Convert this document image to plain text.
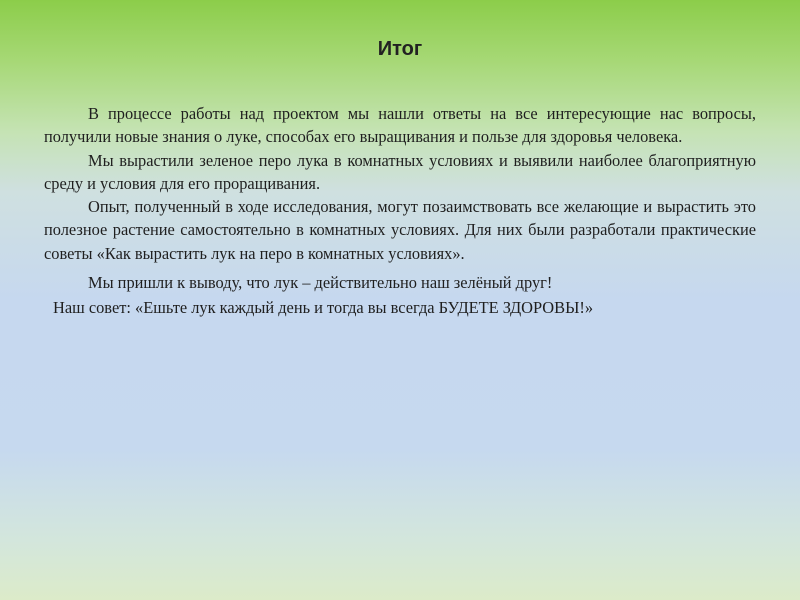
Итог

В процессе работы над проектом мы нашли ответы на все интересующие нас вопросы, получили новые знания о луке, способах его выращивания и пользе для здоровья человека.

Мы вырастили зеленое перо лука в комнатных условиях и выявили наиболее благоприятную среду и условия для его проращивания.

Опыт, полученный в ходе исследования, могут позаимствовать все желающие и вырастить это полезное растение самостоятельно в комнатных условиях. Для них были разработали практические советы «Как вырастить лук на перо в комнатных условиях».

Мы пришли к выводу, что лук – действительно наш зелёный друг!

Наш совет: «Ешьте лук каждый день и тогда вы всегда БУДЕТЕ ЗДОРОВЫ!»
